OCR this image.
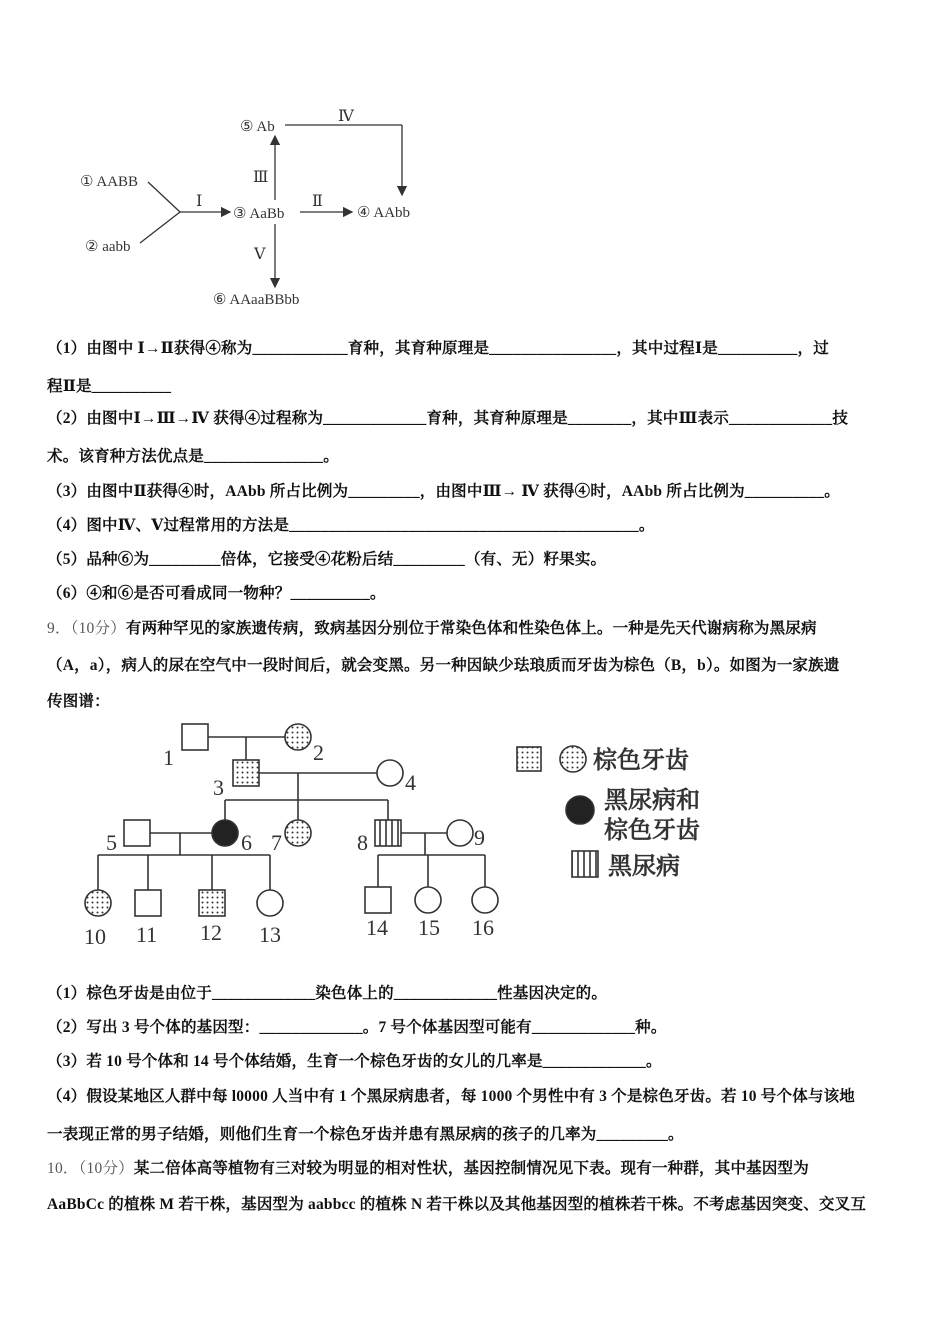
① AABB
② aabb
③ AaBb	④ AAbb
⑤ Ab
⑥ AAaaBBbb
Ⅰ	Ⅱ
Ⅲ
Ⅳ
Ⅴ
（1）由图中 Ⅰ→Ⅱ获得④称为____________育种，其育种原理是________________，其中过程Ⅰ是__________，过
程Ⅱ是__________
（2）由图中Ⅰ→Ⅲ→Ⅳ 获得④过程称为_____________育种，其育种原理是________，其中Ⅲ表示_____________技
术。该育种方法优点是_______________。
（3）由图中Ⅱ获得④时，AAbb 所占比例为_________，由图中Ⅲ→ Ⅳ 获得④时，AAbb 所占比例为__________。
（4）图中Ⅳ、Ⅴ过程常用的方法是____________________________________________。
（5）品种⑥为_________倍体，它接受④花粉后结_________（有、无）籽果实。
（6）④和⑥是否可看成同一物种？__________。
9．（10分）有两种罕见的家族遗传病，致病基因分别位于常染色体和性染色体上。一种是先天代谢病称为黑尿病
（A，a），病人的尿在空气中一段时间后，就会变黑。另一种因缺少珐琅质而牙齿为棕色（B，b）。如图为一家族遗
传图谱：
1	2
3	4
5	6 7	8	9
10 11 12 13	14 15 16
棕色牙齿
黑尿病和
棕色牙齿
黑尿病
（1）棕色牙齿是由位于_____________染色体上的_____________性基因决定的。
（2）写出 3 号个体的基因型：_____________。7 号个体基因型可能有_____________种。
（3）若 10 号个体和 14 号个体结婚，生育一个棕色牙齿的女儿的几率是_____________。
（4）假设某地区人群中每 l0000 人当中有 1 个黑尿病患者，每 1000 个男性中有 3 个是棕色牙齿。若 10 号个体与该地
一表现正常的男子结婚，则他们生育一个棕色牙齿并患有黑尿病的孩子的几率为_________。
10．（10分）某二倍体高等植物有三对较为明显的相对性状，基因控制情况见下表。现有一种群，其中基因型为
AaBbCc 的植株 M 若干株，基因型为 aabbcc 的植株 N 若干株以及其他基因型的植株若干株。不考虑基因突变、交叉互
